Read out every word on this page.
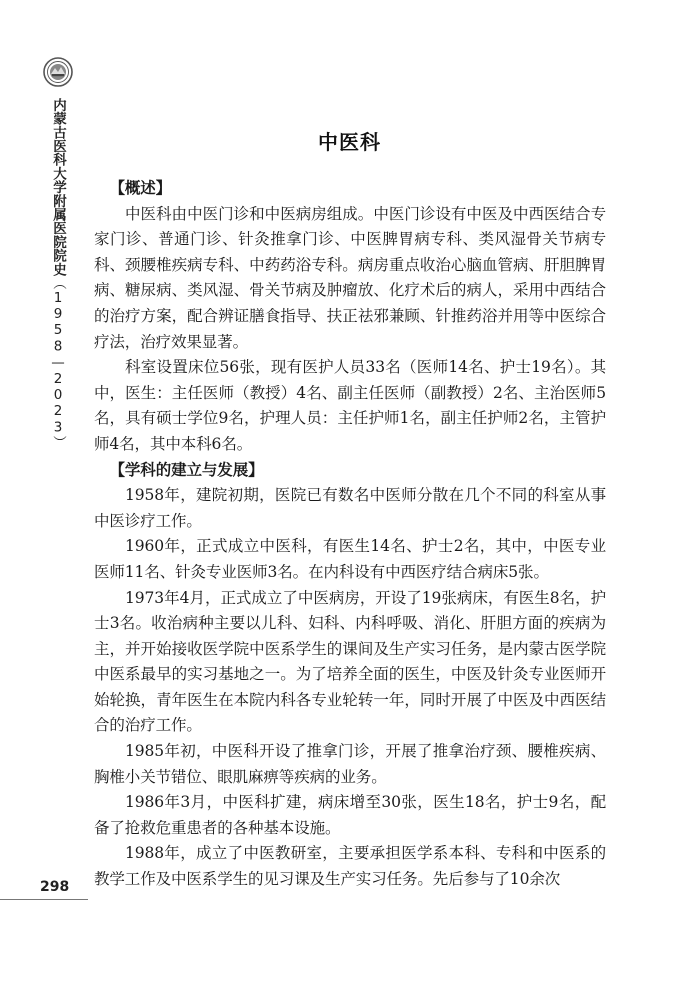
内蒙古医科大学附属医院院史（1958—2023）
298
中医科
【概述】

中医科由中医门诊和中医病房组成。中医门诊设有中医及中西医结合专家门诊、普通门诊、针灸推拿门诊、中医脾胃病专科、类风湿骨关节病专科、颈腰椎疾病专科、中药药浴专科。病房重点收治心脑血管病、肝胆脾胃病、糖尿病、类风湿、骨关节病及肿瘤放、化疗术后的病人，采用中西结合的治疗方案，配合辨证膳食指导、扶正祛邪兼顾、针推药浴并用等中医综合疗法，治疗效果显著。

科室设置床位56张，现有医护人员33名（医师14名、护士19名）。其中，医生：主任医师（教授）4名、副主任医师（副教授）2名、主治医师5名，具有硕士学位9名，护理人员：主任护师1名，副主任护师2名，主管护师4名，其中本科6名。

【学科的建立与发展】

1958年，建院初期，医院已有数名中医师分散在几个不同的科室从事中医诊疗工作。

1960年，正式成立中医科，有医生14名、护士2名，其中，中医专业医师11名、针灸专业医师3名。在内科设有中西医疗结合病床5张。

1973年4月，正式成立了中医病房，开设了19张病床，有医生8名，护士3名。收治病种主要以儿科、妇科、内科呼吸、消化、肝胆方面的疾病为主，并开始接收医学院中医系学生的课间及生产实习任务，是内蒙古医学院中医系最早的实习基地之一。为了培养全面的医生，中医及针灸专业医师开始轮换，青年医生在本院内科各专业轮转一年，同时开展了中医及中西医结合的治疗工作。

1985年初，中医科开设了推拿门诊，开展了推拿治疗颈、腰椎疾病、胸椎小关节错位、眼肌麻痹等疾病的业务。

1986年3月，中医科扩建，病床增至30张，医生18名，护士9名，配备了抢救危重患者的各种基本设施。

1988年，成立了中医教研室，主要承担医学系本科、专科和中医系的教学工作及中医系学生的见习课及生产实习任务。先后参与了10余次
